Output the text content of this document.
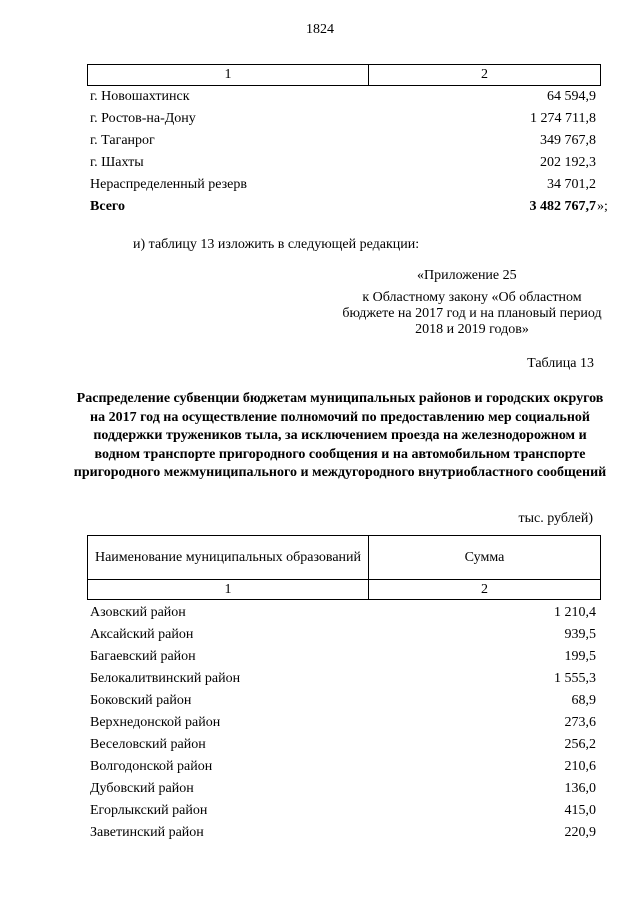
1824
1	2
г. Новошахтинск	64 594,9
г. Ростов-на-Дону	1 274 711,8
г. Таганрог	349 767,8
г. Шахты	202 192,3
Нераспределенный резерв	34 701,2
Всего	3 482 767,7 »;
и) таблицу 13 изложить в следующей редакции:
«Приложение 25
к Областному закону «Об областном бюджете на 2017 год и на плановый период 2018 и 2019 годов»
Таблица 13
Распределение субвенции бюджетам муниципальных районов и городских округов на 2017 год на осуществление полномочий по предоставлению мер социальной поддержки тружеников тыла, за исключением проезда на железнодорожном и водном транспорте пригородного сообщения и на автомобильном транспорте пригородного межмуниципального и междугородного внутриобластного сообщений
тыс. рублей)
Наименование муниципальных образований	Сумма
1	2
Азовский район	1 210,4
Аксайский район	939,5
Багаевский район	199,5
Белокалитвинский район	1 555,3
Боковский район	68,9
Верхнедонской район	273,6
Веселовский район	256,2
Волгодонской район	210,6
Дубовский район	136,0
Егорлыкский район	415,0
Заветинский район	220,9
